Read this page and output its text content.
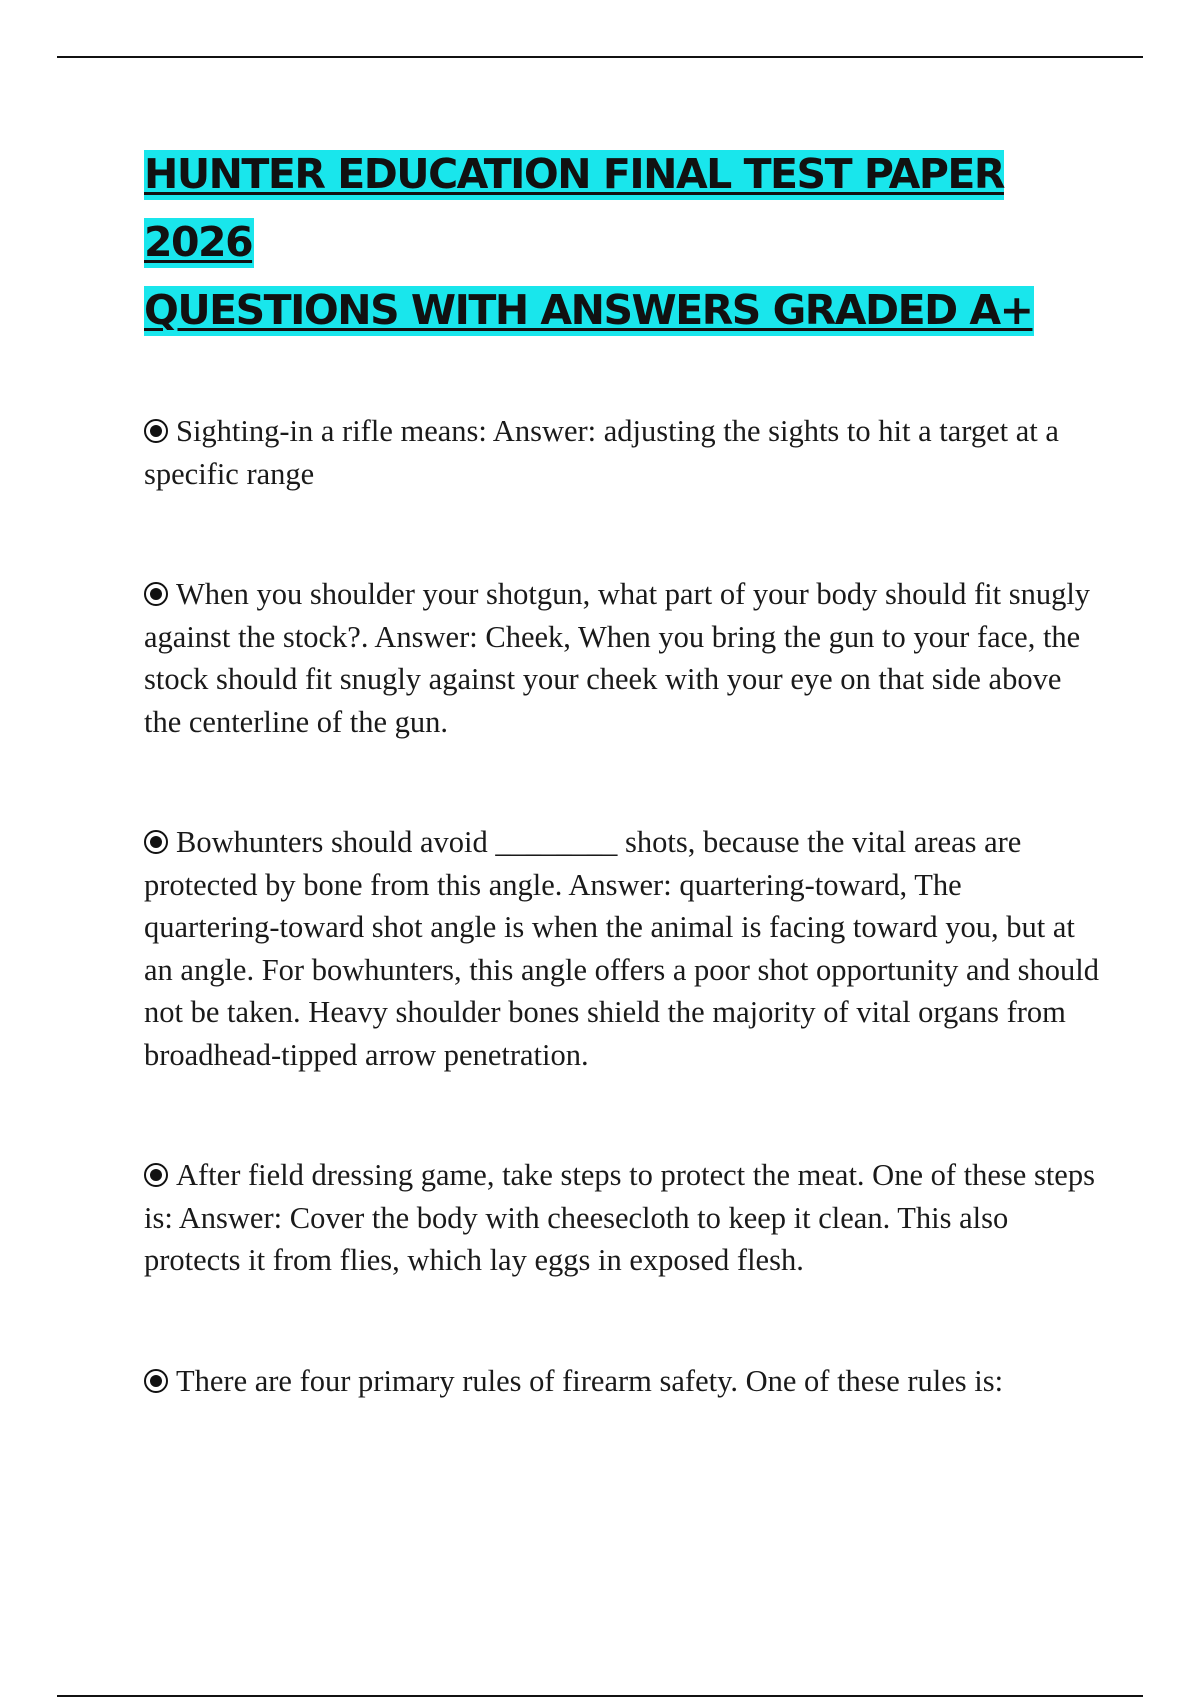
HUNTER EDUCATION FINAL TEST PAPER 2026
QUESTIONS WITH ANSWERS GRADED A+
Sighting-in a rifle means: Answer: adjusting the sights to hit a target at a specific range
When you shoulder your shotgun, what part of your body should fit snugly against the stock?. Answer: Cheek, When you bring the gun to your face, the stock should fit snugly against your cheek with your eye on that side above the centerline of the gun.
Bowhunters should avoid ________ shots, because the vital areas are protected by bone from this angle. Answer: quartering-toward, The quartering-toward shot angle is when the animal is facing toward you, but at an angle. For bowhunters, this angle offers a poor shot opportunity and should not be taken. Heavy shoulder bones shield the majority of vital organs from broadhead-tipped arrow penetration.
After field dressing game, take steps to protect the meat. One of these steps is: Answer: Cover the body with cheesecloth to keep it clean. This also protects it from flies, which lay eggs in exposed flesh.
There are four primary rules of firearm safety. One of these rules is:
